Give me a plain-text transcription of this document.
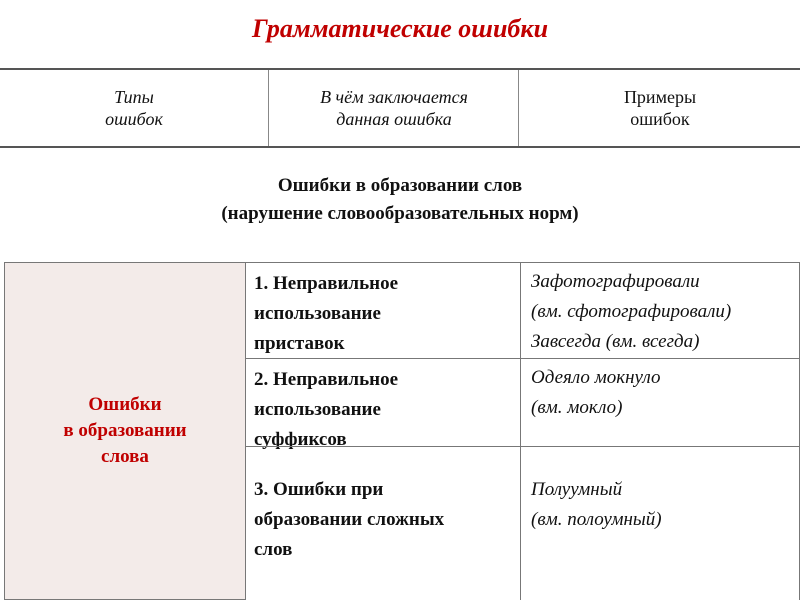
Грамматические ошибки
Типы
ошибок
В чём заключается
данная ошибка
Примеры
ошибок
Ошибки в образовании слов
(нарушение словообразовательных норм)
Ошибки
в образовании
слова
1. Неправильное
использование
приставок
Зафотографировали
(вм. сфотографировали)
Завсегда (вм. всегда)
2. Неправильное
использование
суффиксов
Одеяло мокнуло
(вм. мокло)
3. Ошибки при
образовании сложных
слов
Полуумный
(вм. полоумный)
